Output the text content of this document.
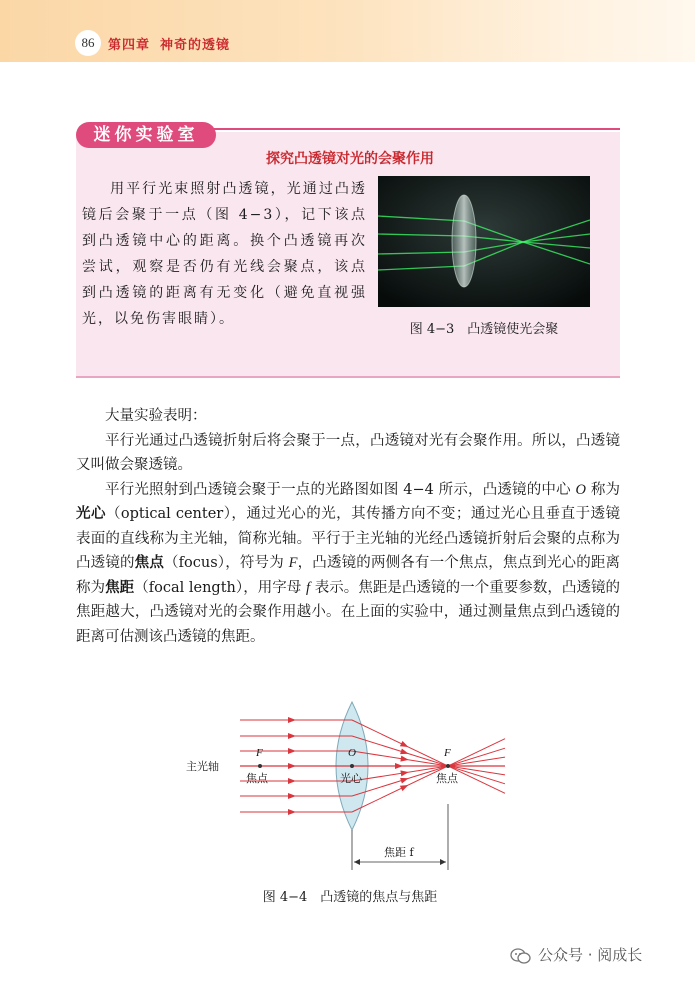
86	第四章 神奇的透镜
迷你实验室
探究凸透镜对光的会聚作用
用平行光束照射凸透镜，光通过凸透镜后会聚于一点（图 4−3），记下该点到凸透镜中心的距离。换个凸透镜再次尝试，观察是否仍有光线会聚点，该点到凸透镜的距离有无变化（避免直视强光，以免伤害眼睛）。
图 4−3　凸透镜使光会聚

大量实验表明：

平行光通过凸透镜折射后将会聚于一点，凸透镜对光有会聚作用。所以，凸透镜又叫做会聚透镜。

平行光照射到凸透镜会聚于一点的光路图如图 4−4 所示，凸透镜的中心 O 称为光心（optical center），通过光心的光，其传播方向不变；通过光心且垂直于透镜表面的直线称为主光轴，简称光轴。平行于主光轴的光经凸透镜折射后会聚的点称为凸透镜的焦点（focus），符号为 F，凸透镜的两侧各有一个焦点，焦点到光心的距离称为焦距（focal length），用字母 f 表示。焦距是凸透镜的一个重要参数，凸透镜的焦距越大，凸透镜对光的会聚作用越小。在上面的实验中，通过测量焦点到凸透镜的距离可估测该凸透镜的焦距。

主光轴
F
焦点
O
光心
F
焦点
焦距 f
图 4−4　凸透镜的焦点与焦距
公众号 · 阅成长
